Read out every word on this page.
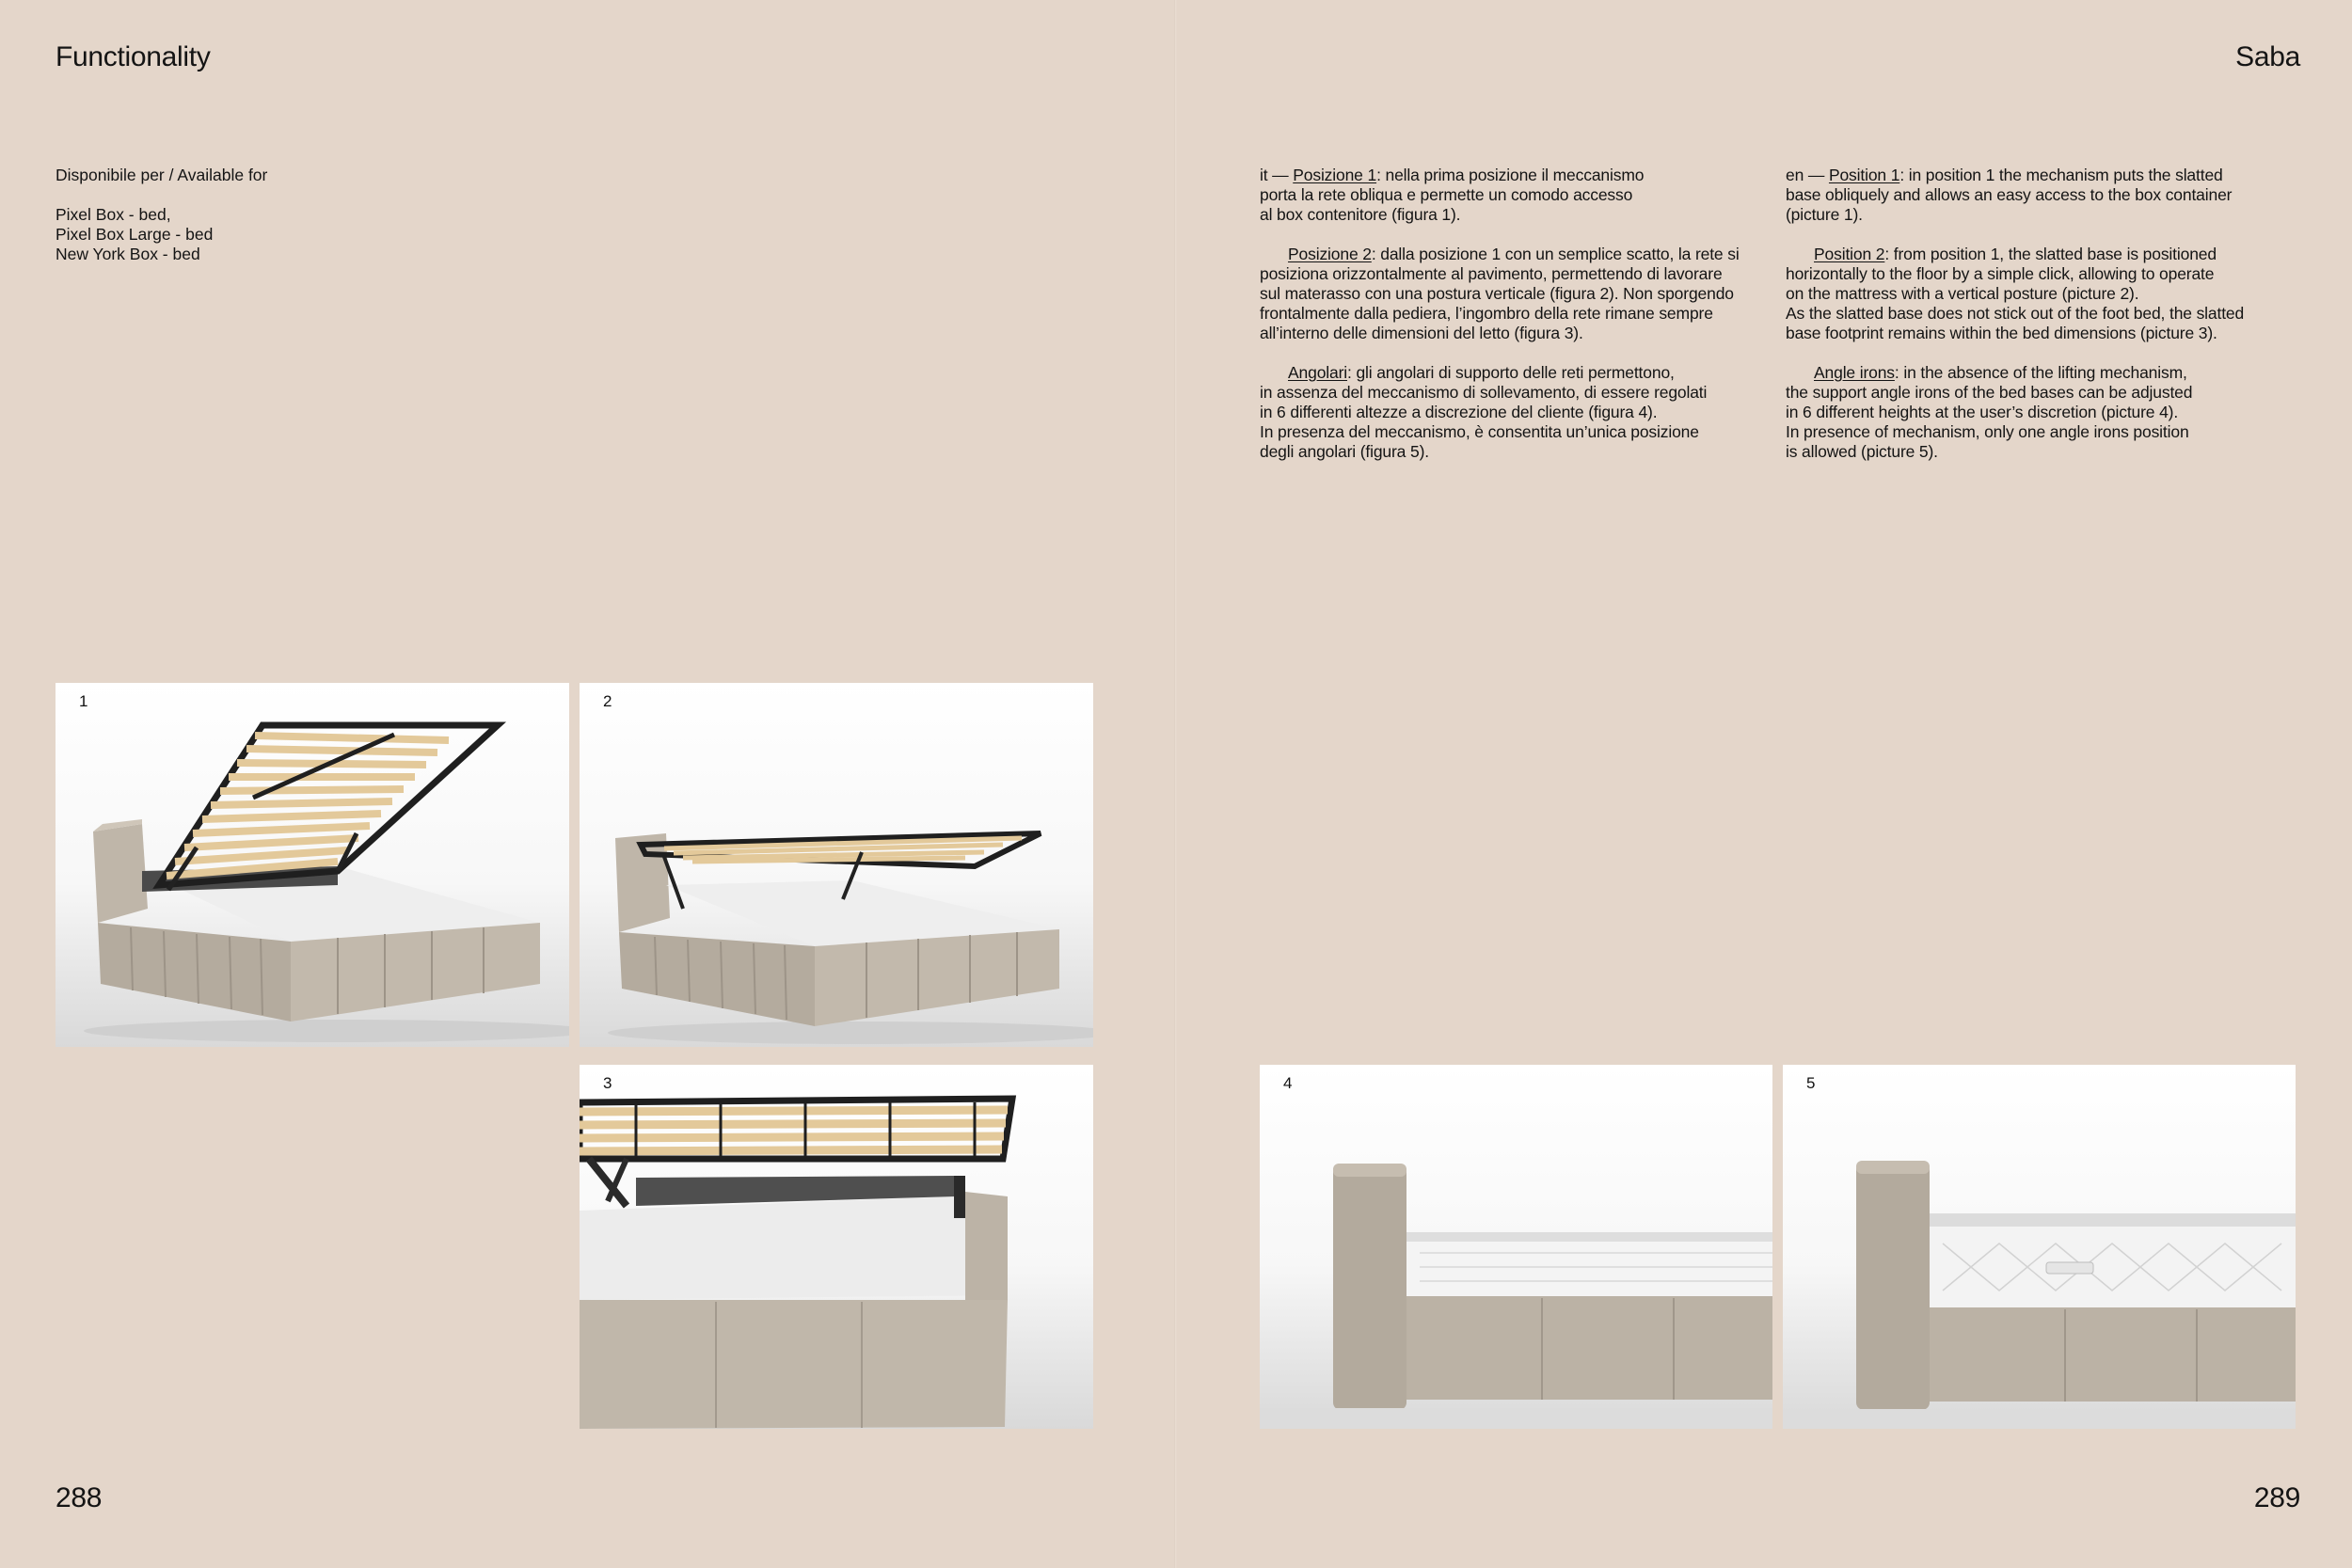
Functionality

Disponibile per / Available for

Pixel Box - bed,

Pixel Box Large - bed

New York Box - bed

1	2
3
288
Saba

it — Posizione 1: nella prima posizione il meccanismo
porta la rete obliqua e permette un comodo accesso
al box contenitore (figura 1).

Posizione 2: dalla posizione 1 con un semplice scatto, la rete si
posiziona orizzontalmente al pavimento, permettendo di lavorare
sul materasso con una postura verticale (figura 2). Non sporgendo
frontalmente dalla pediera, l’ingombro della rete rimane sempre
all’interno delle dimensioni del letto (figura 3).

Angolari: gli angolari di supporto delle reti permettono,
in assenza del meccanismo di sollevamento, di essere regolati
in 6 differenti altezze a discrezione del cliente (figura 4).
In presenza del meccanismo, è consentita un’unica posizione
degli angolari (figura 5).

en — Position 1: in position 1 the mechanism puts the slatted
base obliquely and allows an easy access to the box container
(picture 1).

Position 2: from position 1, the slatted base is positioned
horizontally to the floor by a simple click, allowing to operate
on the mattress with a vertical posture (picture 2).
As the slatted base does not stick out of the foot bed, the slatted
base footprint remains within the bed dimensions (picture 3).

Angle irons: in the absence of the lifting mechanism,
the support angle irons of the bed bases can be adjusted
in 6 different heights at the user’s discretion (picture 4).
In presence of mechanism, only one angle irons position
is allowed (picture 5).

4	5
289
